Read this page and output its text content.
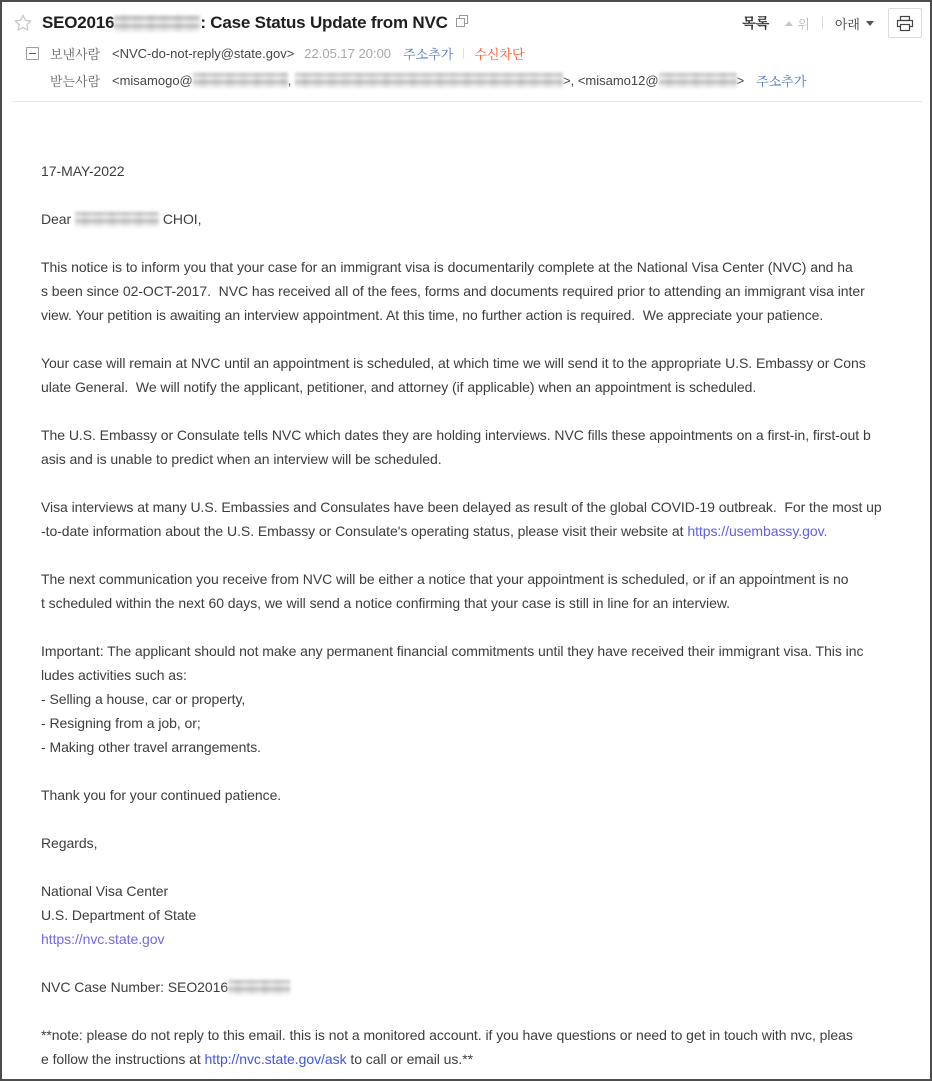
SEO2016	: Case Status Update from NVC	목록 위 아래
보낸사람 <NVC-do-not-reply@state.gov> 22.05.17 20:00 주소추가 수신차단
받는사람 <misamogo@	,	>, <misamo12@	> 주소추가
17-MAY-2022
Dear	CHOI,
This notice is to inform you that your case for an immigrant visa is documentarily complete at the National Visa Center (NVC) and ha
s been since 02-OCT-2017.  NVC has received all of the fees, forms and documents required prior to attending an immigrant visa inter
view. Your petition is awaiting an interview appointment. At this time, no further action is required.  We appreciate your patience.
Your case will remain at NVC until an appointment is scheduled, at which time we will send it to the appropriate U.S. Embassy or Cons
ulate General.  We will notify the applicant, petitioner, and attorney (if applicable) when an appointment is scheduled.
The U.S. Embassy or Consulate tells NVC which dates they are holding interviews. NVC fills these appointments on a first-in, first-out b
asis and is unable to predict when an interview will be scheduled.
Visa interviews at many U.S. Embassies and Consulates have been delayed as result of the global COVID-19 outbreak.  For the most up
-to-date information about the U.S. Embassy or Consulate's operating status, please visit their website at https://usembassy.gov.
The next communication you receive from NVC will be either a notice that your appointment is scheduled, or if an appointment is no
t scheduled within the next 60 days, we will send a notice confirming that your case is still in line for an interview.
Important: The applicant should not make any permanent financial commitments until they have received their immigrant visa. This inc
ludes activities such as:
- Selling a house, car or property,
- Resigning from a job, or;
- Making other travel arrangements.
Thank you for your continued patience.
Regards,
National Visa Center
U.S. Department of State
https://nvc.state.gov
NVC Case Number: SEO2016
**note: please do not reply to this email. this is not a monitored account. if you have questions or need to get in touch with nvc, pleas
e follow the instructions at http://nvc.state.gov/ask to call or email us.**
